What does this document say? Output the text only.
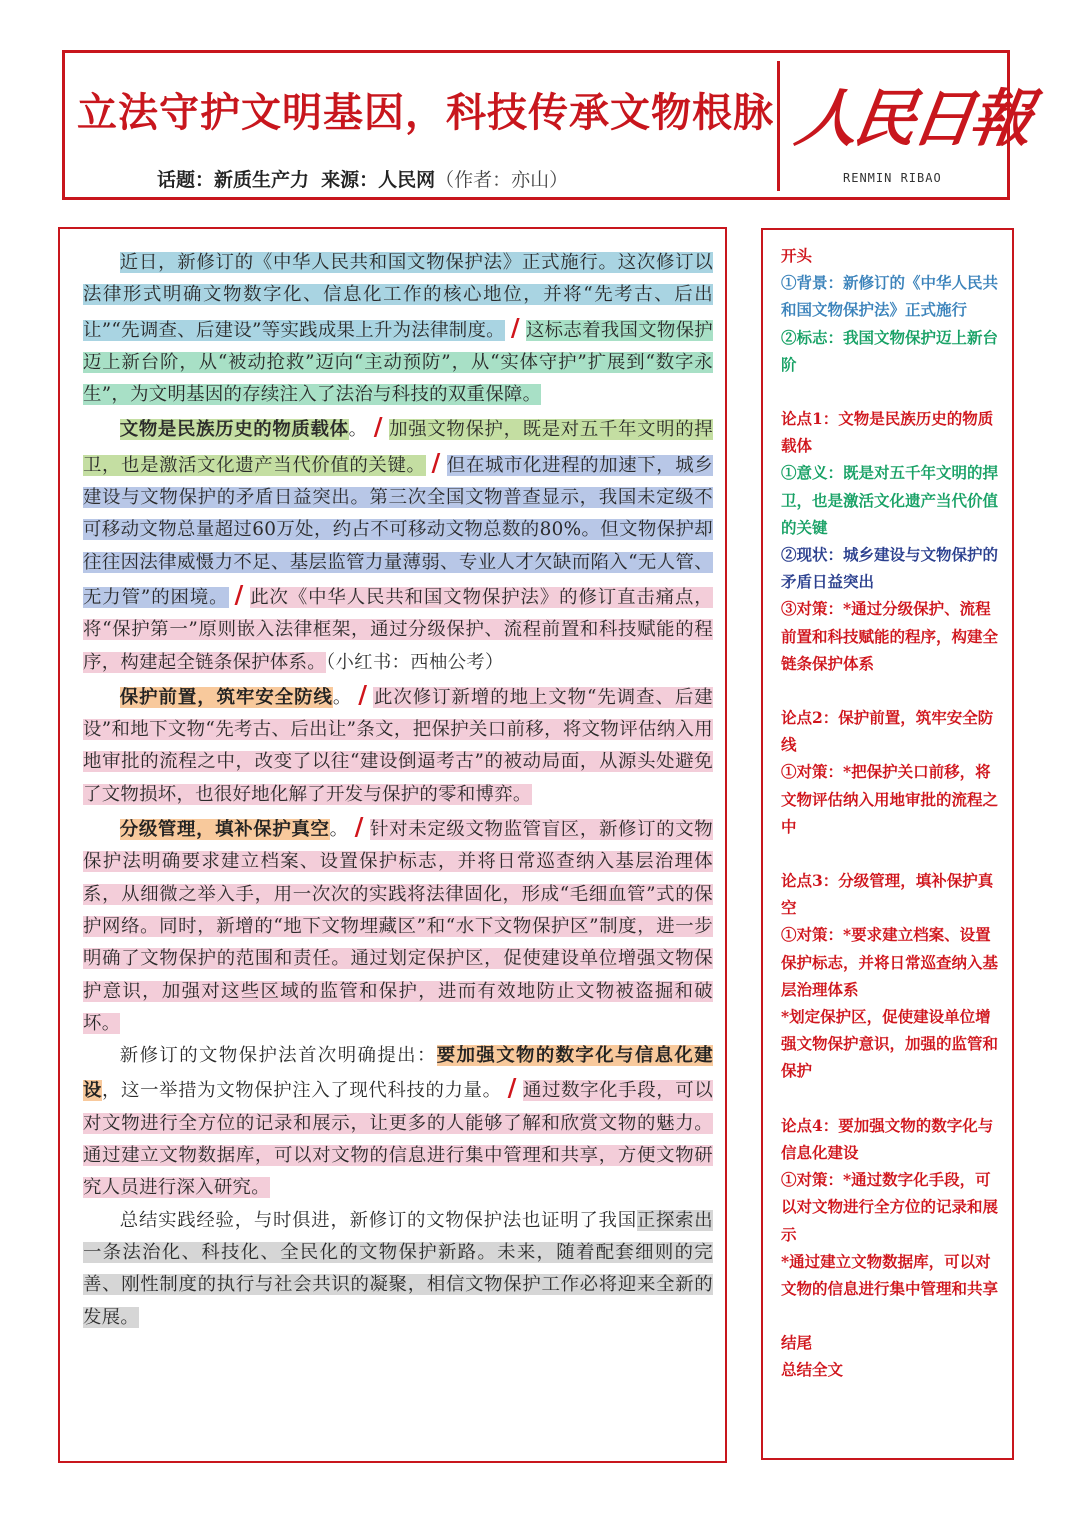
立法守护文明基因，科技传承文物根脉
话题：新质生产力 来源：人民网（作者：亦山）
人民日報
RENMIN RIBAO

近日，新修订的《中华人民共和国文物保护法》正式施行。这次修订以法律形式明确文物数字化、信息化工作的核心地位，并将“先考古、后出让”“先调查、后建设”等实践成果上升为法律制度。 / 这标志着我国文物保护迈上新台阶，从“被动抢救”迈向“主动预防”，从“实体守护”扩展到“数字永生”，为文明基因的存续注入了法治与科技的双重保障。

文物是民族历史的物质载体。 / 加强文物保护，既是对五千年文明的捍卫，也是激活文化遗产当代价值的关键。 / 但在城市化进程的加速下，城乡建设与文物保护的矛盾日益突出。第三次全国文物普查显示，我国未定级不可移动文物总量超过60万处，约占不可移动文物总数的80%。但文物保护却往往因法律威慑力不足、基层监管力量薄弱、专业人才欠缺而陷入“无人管、无力管”的困境。 / 此次《中华人民共和国文物保护法》的修订直击痛点，将“保护第一”原则嵌入法律框架，通过分级保护、流程前置和科技赋能的程序，构建起全链条保护体系。（小红书：西柚公考）

保护前置，筑牢安全防线。 / 此次修订新增的地上文物“先调查、后建设”和地下文物“先考古、后出让”条文，把保护关口前移，将文物评估纳入用地审批的流程之中，改变了以往“建设倒逼考古”的被动局面，从源头处避免了文物损坏，也很好地化解了开发与保护的零和博弈。

分级管理，填补保护真空。 / 针对未定级文物监管盲区，新修订的文物保护法明确要求建立档案、设置保护标志，并将日常巡查纳入基层治理体系，从细微之举入手，用一次次的实践将法律固化，形成“毛细血管”式的保护网络。同时，新增的“地下文物埋藏区”和“水下文物保护区”制度，进一步明确了文物保护的范围和责任。通过划定保护区，促使建设单位增强文物保护意识，加强对这些区域的监管和保护，进而有效地防止文物被盗掘和破坏。

新修订的文物保护法首次明确提出：要加强文物的数字化与信息化建设，这一举措为文物保护注入了现代科技的力量。 / 通过数字化手段，可以对文物进行全方位的记录和展示，让更多的人能够了解和欣赏文物的魅力。通过建立文物数据库，可以对文物的信息进行集中管理和共享，方便文物研究人员进行深入研究。

总结实践经验，与时俱进，新修订的文物保护法也证明了我国正探索出一条法治化、科技化、全民化的文物保护新路。未来，随着配套细则的完善、刚性制度的执行与社会共识的凝聚，相信文物保护工作必将迎来全新的发展。

开头
①背景：新修订的《中华人民共和国文物保护法》正式施行
②标志：我国文物保护迈上新台阶
论点1：文物是民族历史的物质载体
①意义：既是对五千年文明的捍卫，也是激活文化遗产当代价值的关键
②现状：城乡建设与文物保护的矛盾日益突出
③对策：*通过分级保护、流程前置和科技赋能的程序，构建全链条保护体系
论点2：保护前置，筑牢安全防线
①对策：*把保护关口前移，将文物评估纳入用地审批的流程之中
论点3：分级管理，填补保护真空
①对策：*要求建立档案、设置保护标志，并将日常巡查纳入基层治理体系
*划定保护区，促使建设单位增强文物保护意识，加强的监管和保护
论点4：要加强文物的数字化与信息化建设
①对策：*通过数字化手段，可以对文物进行全方位的记录和展示
*通过建立文物数据库，可以对文物的信息进行集中管理和共享
结尾
总结全文
